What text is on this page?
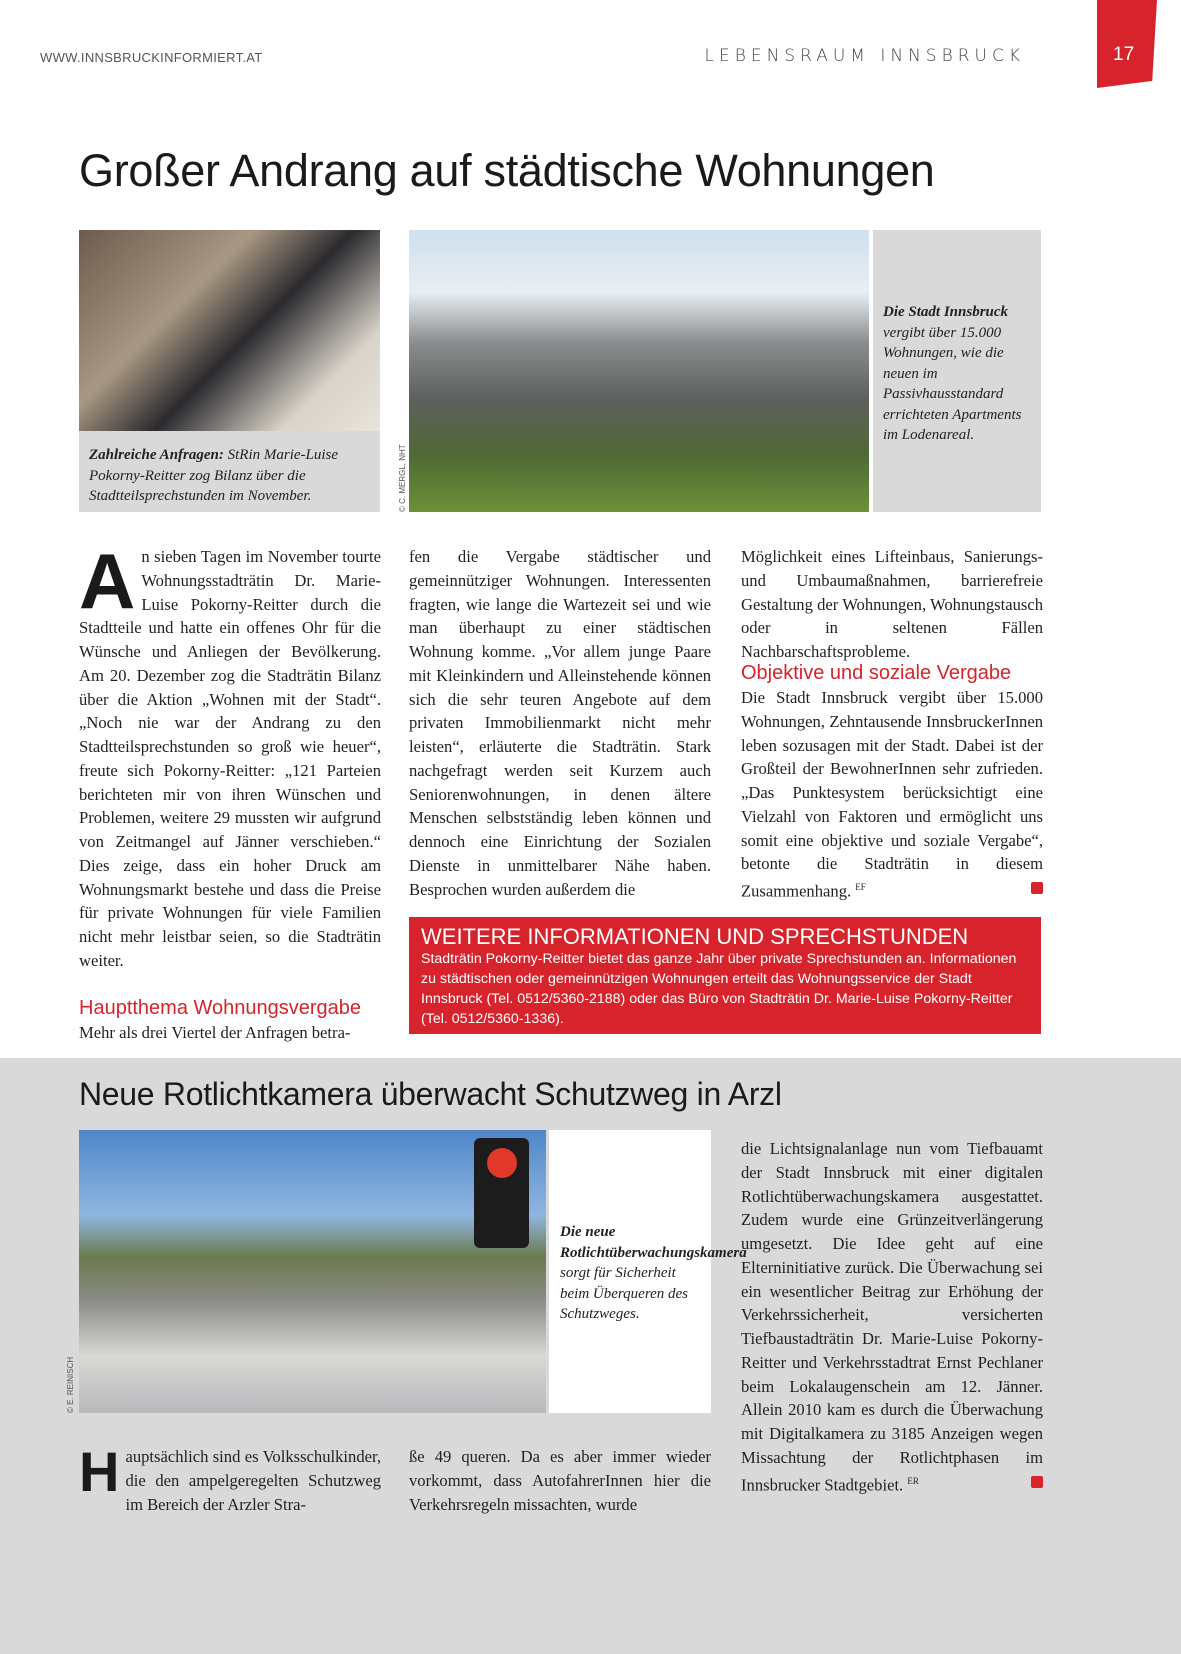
WWW.INNSBRUCKINFORMIERT.AT	LEBENSRAUM INNSBRUCK	17
Großer Andrang auf städtische Wohnungen
Zahlreiche Anfragen: StRin Marie-Luise Pokorny-Reitter zog Bilanz über die Stadtteilsprechstunden im November.	© C. MERGL, NHT
Die Stadt Innsbruck vergibt über 15.000 Wohnungen, wie die neuen im Passivhausstandard errichteten Apartments im Lodenareal.
An sieben Tagen im November tourte Wohnungsstadträtin Dr. Marie-Luise Pokorny-Reitter durch die Stadtteile und hatte ein offenes Ohr für die Wünsche und Anliegen der Bevölkerung. Am 20. Dezember zog die Stadträtin Bilanz über die Aktion „Wohnen mit der Stadt“. „Noch nie war der Andrang zu den Stadtteilsprechstunden so groß wie heuer“, freute sich Pokorny-Reitter: „121 Parteien berichteten mir von ihren Wünschen und Problemen, weitere 29 mussten wir aufgrund von Zeitmangel auf Jänner verschieben.“ Dies zeige, dass ein hoher Druck am Wohnungsmarkt bestehe und dass die Preise für private Wohnungen für viele Familien nicht mehr leistbar seien, so die Stadträtin weiter.
Hauptthema Wohnungsvergabe
Mehr als drei Viertel der Anfragen betra-
fen die Vergabe städtischer und gemeinnütziger Wohnungen. Interessenten fragten, wie lange die Wartezeit sei und wie man überhaupt zu einer städtischen Wohnung komme. „Vor allem junge Paare mit Kleinkindern und Alleinstehende können sich die sehr teuren Angebote auf dem privaten Immobilienmarkt nicht mehr leisten“, erläuterte die Stadträtin. Stark nachgefragt werden seit Kurzem auch Seniorenwohnungen, in denen ältere Menschen selbstständig leben können und dennoch eine Einrichtung der Sozialen Dienste in unmittelbarer Nähe haben. Besprochen wurden außerdem die
Möglichkeit eines Lifteinbaus, Sanierungs- und Umbaumaßnahmen, barrierefreie Gestaltung der Wohnungen, Wohnungstausch oder in seltenen Fällen Nachbarschaftsprobleme.
Objektive und soziale Vergabe
Die Stadt Innsbruck vergibt über 15.000 Wohnungen, Zehntausende InnsbruckerInnen leben sozusagen mit der Stadt. Dabei ist der Großteil der BewohnerInnen sehr zufrieden. „Das Punktesystem berücksichtigt eine Vielzahl von Faktoren und ermöglicht uns somit eine objektive und soziale Vergabe“, betonte die Stadträtin in diesem Zusammenhang. $^{EF}$
WEITERE INFORMATIONEN UND SPRECHSTUNDEN
Stadträtin Pokorny-Reitter bietet das ganze Jahr über private Sprechstunden an. Informationen zu städtischen oder gemeinnützigen Wohnungen erteilt das Wohnungsservice der Stadt Innsbruck (Tel. 0512/5360-2188) oder das Büro von Stadträtin Dr. Marie-Luise Pokorny-Reitter (Tel. 0512/5360-1336).
Neue Rotlichtkamera überwacht Schutzweg in Arzl
© E. REINISCH
Die neue Rotlichtüberwachungskamera sorgt für Sicherheit beim Überqueren des Schutzweges.
Hauptsächlich sind es Volksschulkinder, die den ampelgeregelten Schutzweg im Bereich der Arzler Stra-
ße 49 queren. Da es aber immer wieder vorkommt, dass AutofahrerInnen hier die Verkehrsregeln missachten, wurde
die Lichtsignalanlage nun vom Tiefbauamt der Stadt Innsbruck mit einer digitalen Rotlichtüberwachungskamera ausgestattet. Zudem wurde eine Grünzeitverlängerung umgesetzt. Die Idee geht auf eine Elterninitiative zurück. Die Überwachung sei ein wesentlicher Beitrag zur Erhöhung der Verkehrssicherheit, versicherten Tiefbaustadträtin Dr. Marie-Luise Pokorny-Reitter und Verkehrsstadtrat Ernst Pechlaner beim Lokalaugenschein am 12. Jänner. Allein 2010 kam es durch die Überwachung mit Digitalkamera zu 3185 Anzeigen wegen Missachtung der Rotlichtphasen im Innsbrucker Stadtgebiet. $^{ER}$
